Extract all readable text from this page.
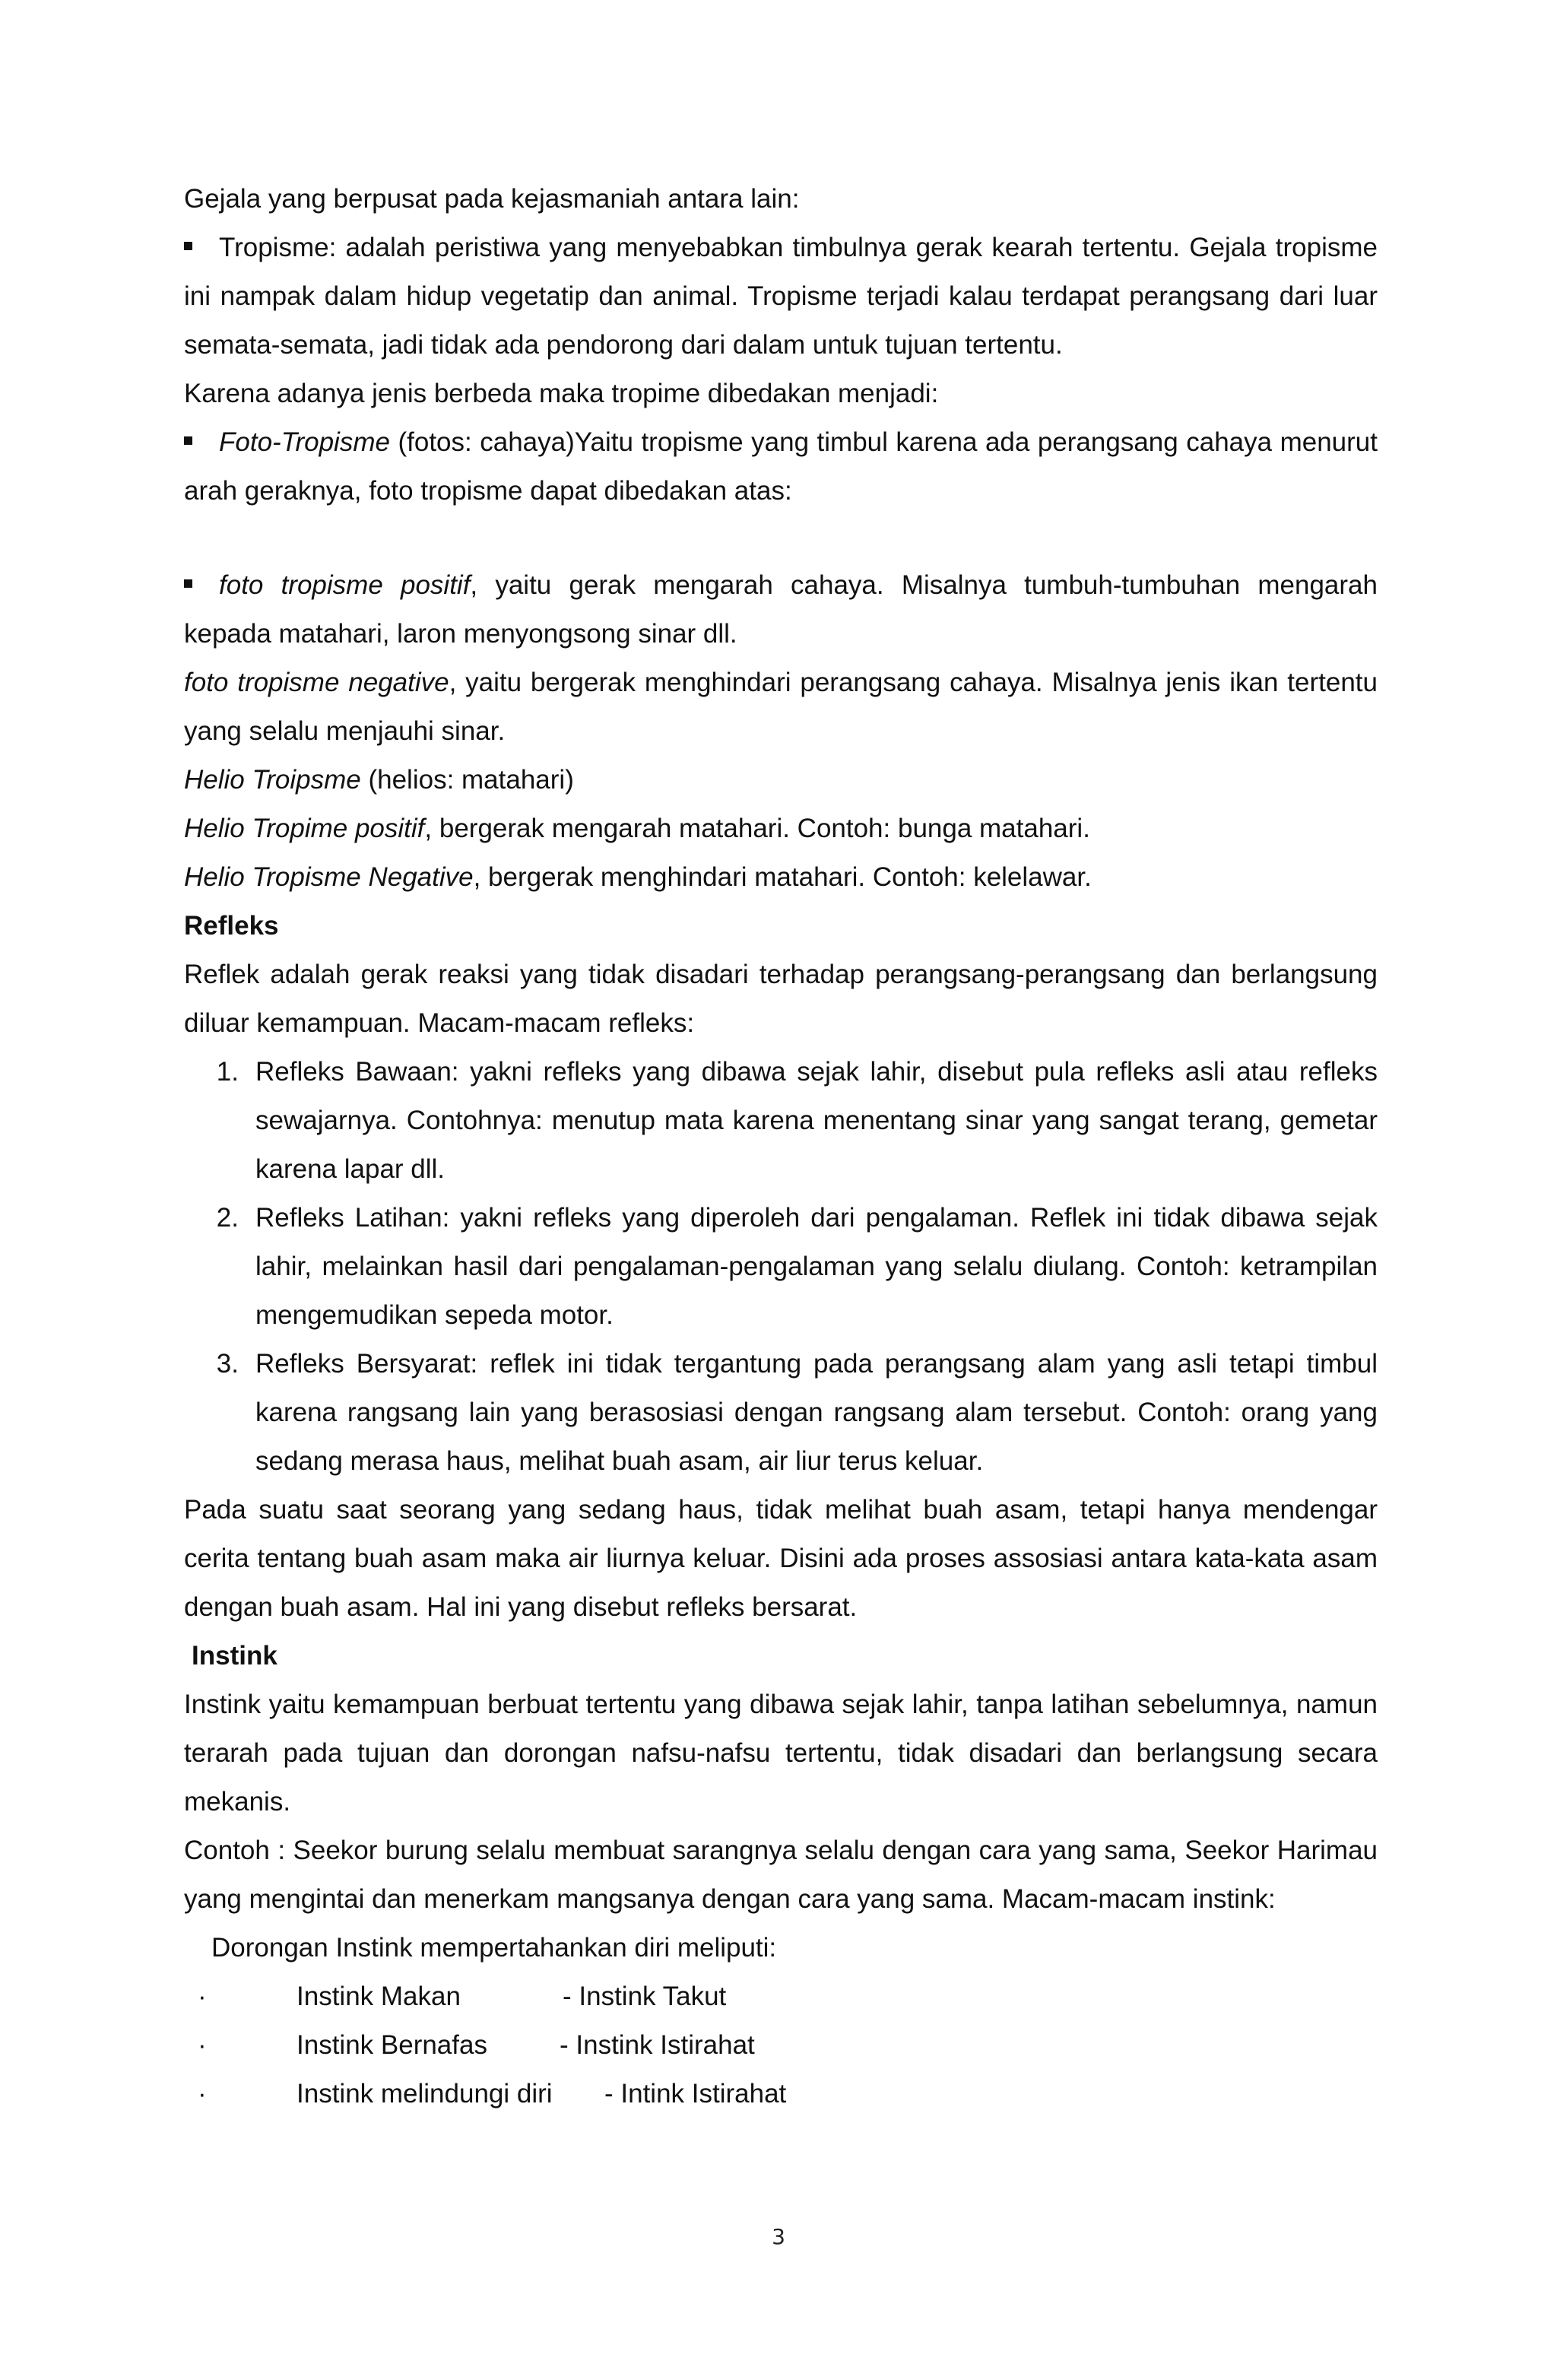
Gejala yang berpusat pada kejasmaniah antara lain:

Tropisme: adalah peristiwa yang menyebabkan timbulnya gerak kearah tertentu. Gejala tropisme ini nampak dalam hidup vegetatip dan animal. Tropisme terjadi kalau terdapat perangsang dari luar semata-semata, jadi tidak ada pendorong dari dalam untuk tujuan tertentu.

Karena adanya jenis berbeda maka tropime dibedakan menjadi:

Foto-Tropisme (fotos: cahaya)Yaitu tropisme yang timbul karena ada perangsang cahaya menurut arah geraknya, foto tropisme dapat dibedakan atas:

foto tropisme positif, yaitu gerak mengarah cahaya. Misalnya tumbuh-tumbuhan mengarah kepada matahari, laron menyongsong sinar dll.

foto tropisme negative, yaitu bergerak menghindari perangsang cahaya. Misalnya jenis ikan tertentu yang selalu menjauhi sinar.

Helio Troipsme (helios: matahari)

Helio Tropime positif, bergerak mengarah matahari. Contoh: bunga matahari.

Helio Tropisme Negative, bergerak menghindari matahari. Contoh: kelelawar.

Refleks

Reflek adalah gerak reaksi yang tidak disadari terhadap perangsang-perangsang dan berlangsung diluar kemampuan. Macam-macam refleks:

1. Refleks Bawaan: yakni refleks yang dibawa sejak lahir, disebut pula refleks asli atau refleks sewajarnya. Contohnya: menutup mata karena menentang sinar yang sangat terang, gemetar karena lapar dll.
2. Refleks Latihan: yakni refleks yang diperoleh dari pengalaman. Reflek ini tidak dibawa sejak lahir, melainkan hasil dari pengalaman-pengalaman yang selalu diulang. Contoh: ketrampilan mengemudikan sepeda motor.
3. Refleks Bersyarat: reflek ini tidak tergantung pada perangsang alam yang asli tetapi timbul karena rangsang lain yang berasosiasi dengan rangsang alam tersebut. Contoh: orang yang sedang merasa haus, melihat buah asam, air liur terus keluar.

Pada suatu saat seorang yang sedang haus, tidak melihat buah asam, tetapi hanya mendengar cerita tentang buah asam maka air liurnya keluar. Disini ada proses assosiasi antara kata-kata asam dengan buah asam. Hal ini yang disebut refleks bersarat.

Instink

Instink yaitu kemampuan berbuat tertentu yang dibawa sejak lahir, tanpa latihan sebelumnya, namun terarah pada tujuan dan dorongan nafsu-nafsu tertentu, tidak disadari dan berlangsung secara mekanis.

Contoh : Seekor burung selalu membuat sarangnya selalu dengan cara yang sama, Seekor Harimau yang mengintai dan menerkam mangsanya dengan cara yang sama. Macam-macam instink:

Dorongan Instink mempertahankan diri meliputi:

·	Instink Makan	- Instink Takut
·	Instink Bernafas	- Instink Istirahat
·	Instink melindungi diri	- Intink Istirahat
3
